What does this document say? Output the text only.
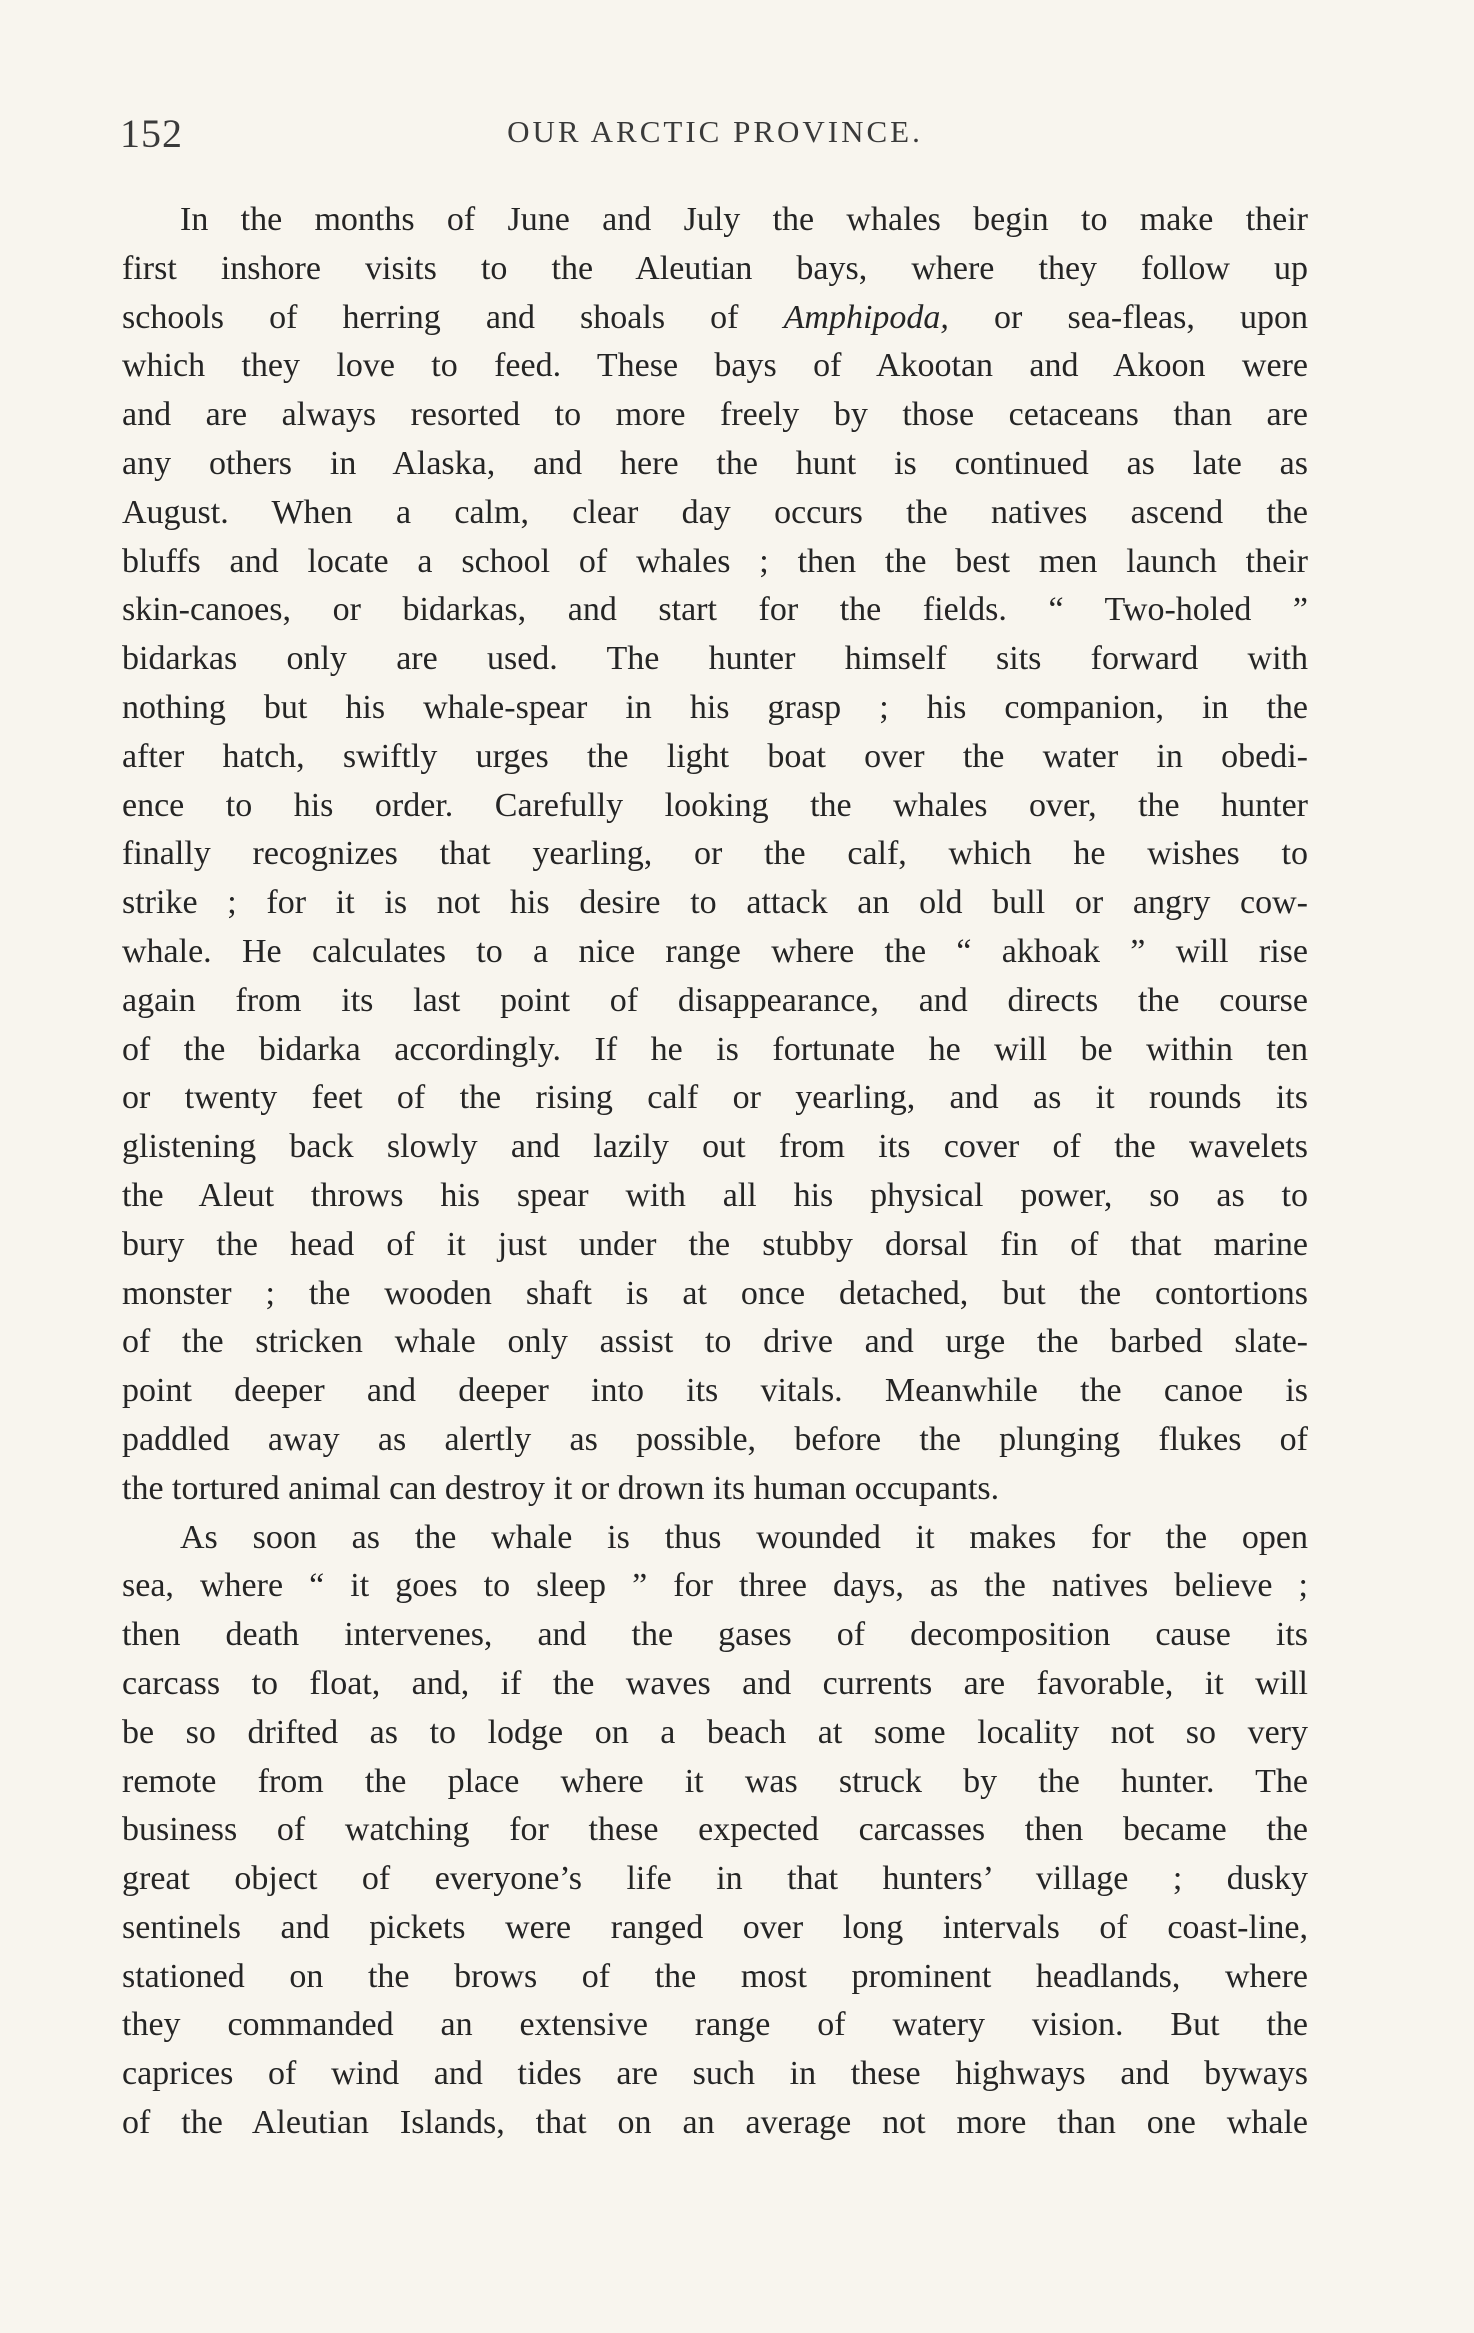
152	OUR ARCTIC PROVINCE.
In the months of June and July the whales begin to make their
first inshore visits to the Aleutian bays, where they follow up
schools of herring and shoals of Amphipoda, or sea-fleas, upon
which they love to feed. These bays of Akootan and Akoon were
and are always resorted to more freely by those cetaceans than are
any others in Alaska, and here the hunt is continued as late as
August. When a calm, clear day occurs the natives ascend the
bluffs and locate a school of whales ; then the best men launch their
skin-canoes, or bidarkas, and start for the fields. “ Two-holed ”
bidarkas only are used. The hunter himself sits forward with
nothing but his whale-spear in his grasp ; his companion, in the
after hatch, swiftly urges the light boat over the water in obedi-
ence to his order. Carefully looking the whales over, the hunter
finally recognizes that yearling, or the calf, which he wishes to
strike ; for it is not his desire to attack an old bull or angry cow-
whale. He calculates to a nice range where the “ akhoak ” will rise
again from its last point of disappearance, and directs the course
of the bidarka accordingly. If he is fortunate he will be within ten
or twenty feet of the rising calf or yearling, and as it rounds its
glistening back slowly and lazily out from its cover of the wavelets
the Aleut throws his spear with all his physical power, so as to
bury the head of it just under the stubby dorsal fin of that marine
monster ; the wooden shaft is at once detached, but the contortions
of the stricken whale only assist to drive and urge the barbed slate-
point deeper and deeper into its vitals. Meanwhile the canoe is
paddled away as alertly as possible, before the plunging flukes of
the tortured animal can destroy it or drown its human occupants.
As soon as the whale is thus wounded it makes for the open
sea, where “ it goes to sleep ” for three days, as the natives believe ;
then death intervenes, and the gases of decomposition cause its
carcass to float, and, if the waves and currents are favorable, it will
be so drifted as to lodge on a beach at some locality not so very
remote from the place where it was struck by the hunter. The
business of watching for these expected carcasses then became the
great object of everyone’s life in that hunters’ village ; dusky
sentinels and pickets were ranged over long intervals of coast-line,
stationed on the brows of the most prominent headlands, where
they commanded an extensive range of watery vision. But the
caprices of wind and tides are such in these highways and byways
of the Aleutian Islands, that on an average not more than one whale
